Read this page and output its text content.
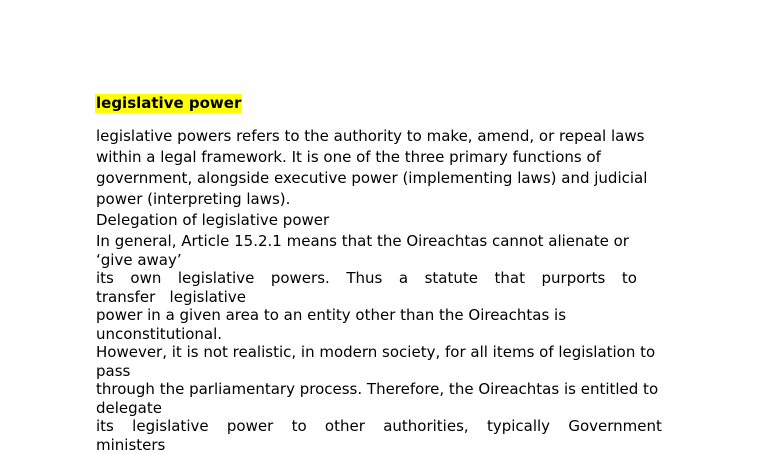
legislative power
legislative powers refers to the authority to make, amend, or repeal laws
within a legal framework. It is one of the three primary functions of
government, alongside executive power (implementing laws) and judicial
power (interpreting laws).
Delegation of legislative power
In general, Article 15.2.1 means that the Oireachtas cannot alienate or
‘give away’
its own legislative powers. Thus a statute that purports to
transfer   legislative
power in a given area to an entity other than the Oireachtas is
unconstitutional.
However, it is not realistic, in modern society, for all items of legislation to
pass
through the parliamentary process. Therefore, the Oireachtas is entitled to
delegate
its legislative power to other authorities, typically Government
ministers
